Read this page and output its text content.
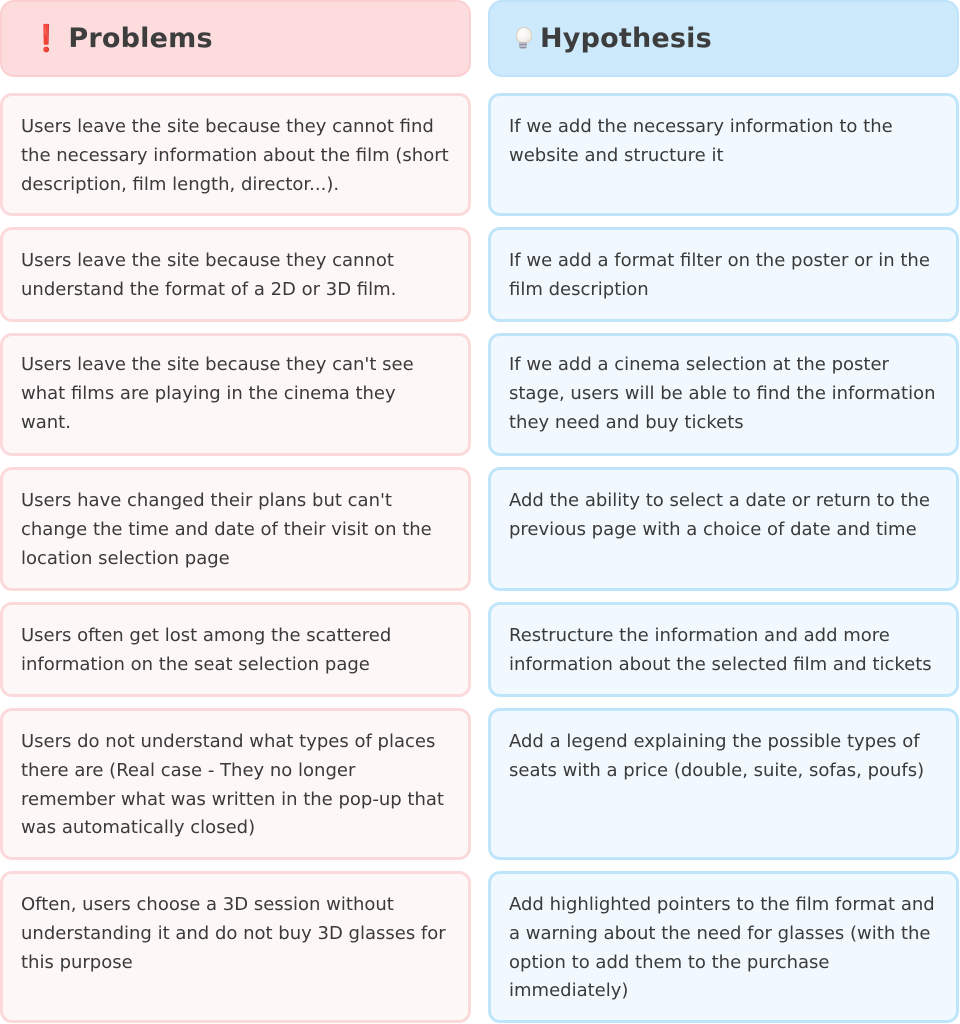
❗ Problems
Users leave the site because they cannot find the necessary information about the film (short description, film length, director...).
Users leave the site because they cannot understand the format of a 2D or 3D film.
Users leave the site because they can't see what films are playing in the cinema they want.
Users have changed their plans but can't change the time and date of their visit on the location selection page
Users often get lost among the scattered information on the seat selection page
Users do not understand what types of places there are (Real case - They no longer remember what was written in the pop-up that was automatically closed)
Often, users choose a 3D session without understanding it and do not buy 3D glasses for this purpose
Hypothesis
If we add the necessary information to the website and structure it
If we add a format filter on the poster or in the film description
If we add a cinema selection at the poster stage, users will be able to find the information they need and buy tickets
Add the ability to select a date or return to the previous page with a choice of date and time
Restructure the information and add more information about the selected film and tickets
Add a legend explaining the possible types of seats with a price (double, suite, sofas, poufs)
Add highlighted pointers to the film format and a warning about the need for glasses (with the option to add them to the purchase immediately)
